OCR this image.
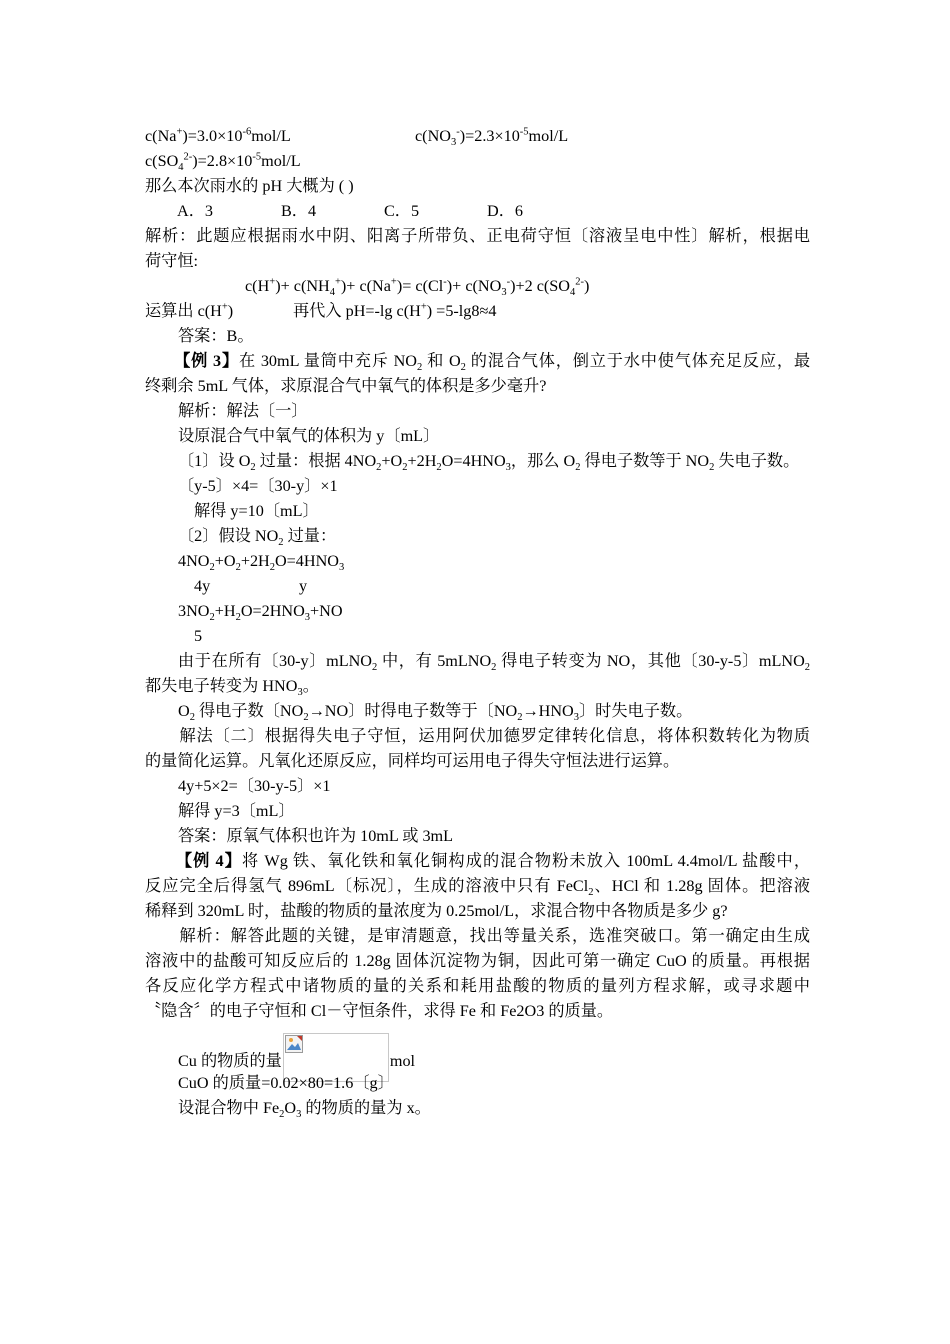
$c(Na^+)=3.0\times 10^{-6}mol/L$	$c(NO_3^-)=2.3\times 10^{-5}mol/L$
$c(SO_4^{2-})=2.8\times 10^{-5}mol/L$
那么本次雨水的 pH 大概为 ( )
A．3	B．4	C．5	D．6
解析：此题应根据雨水中阴、阳离子所带负、正电荷守恒〔溶液呈电中性〕解析，根据电
荷守恒:
$c(H^+)+ c(NH_4^+)+ c(Na^+)= c(Cl^-)+ c(NO_3^-)+2$ $c(SO_4^{2-})$
运算出 c(H+)	再代入 pH=-lg c(H+) =5-lg8≈4
答案：B。
【例 3】在 30mL 量筒中充斥 $NO_2$ 和 $O_2$ 的混合气体，倒立于水中使气体充足反应，最
终剩余 5mL 气体，求原混合气中氧气的体积是多少毫升?
解析：解法〔一〕
设原混合气中氧气的体积为 y〔mL〕
〔1〕设 $O_2$ 过量：根据 $4NO_2+O_2+2H_2O=4HNO_3$，那么 $O_2$ 得电子数等于 $NO_2$ 失电子数。
〔y-5〕×4=〔30-y〕×1
解得 y=10〔mL〕
〔2〕假设 $NO_2$ 过量：
$4NO_2+O_2+2H_2O=4HNO_3$
4y	y
$3NO_2+H_2O=2HNO_3+NO$
5
由于在所有〔30-y〕mLNO$_2$ 中，有 5mLNO$_2$ 得电子转变为 NO，其他〔30-y-5〕mLNO$_2$
都失电子转变为 $HNO_3$。
$O_2$ 得电子数〔$NO_2\to NO$〕时得电子数等于〔$NO_2\to HNO_3$〕时失电子数。
解法〔二〕根据得失电子守恒，运用阿伏加德罗定律转化信息，将体积数转化为物质
的量简化运算。凡氧化还原反应，同样均可运用电子得失守恒法进行运算。
4y+5×2=〔30-y-5〕×1
解得 y=3〔mL〕
答案：原氧气体积也许为 10mL 或 3mL
【例 4】将 Wg 铁、氧化铁和氧化铜构成的混合物粉未放入 100mL 4.4mol/L 盐酸中，
反应完全后得氢气 896mL〔标况〕，生成的溶液中只有 FeCl$_2$、HCl 和 1.28g 固体。把溶液
稀释到 320mL 时，盐酸的物质的量浓度为 0.25mol/L，求混合物中各物质是多少 g?
解析：解答此题的关键，是审清题意，找出等量关系，选准突破口。第一确定由生成
溶液中的盐酸可知反应后的 1.28g 固体沉淀物为铜，因此可第一确定 CuO 的质量。再根据
各反应化学方程式中诸物质的量的关系和耗用盐酸的物质的量列方程求解，或寻求题中
〝隐含〞的电子守恒和 Cl－守恒条件，求得 Fe 和 Fe2O3 的质量。
Cu 的物质的量	mol
CuO 的质量=0.02×80=1.6〔g〕
设混合物中 $Fe_2O_3$ 的物质的量为 x。
